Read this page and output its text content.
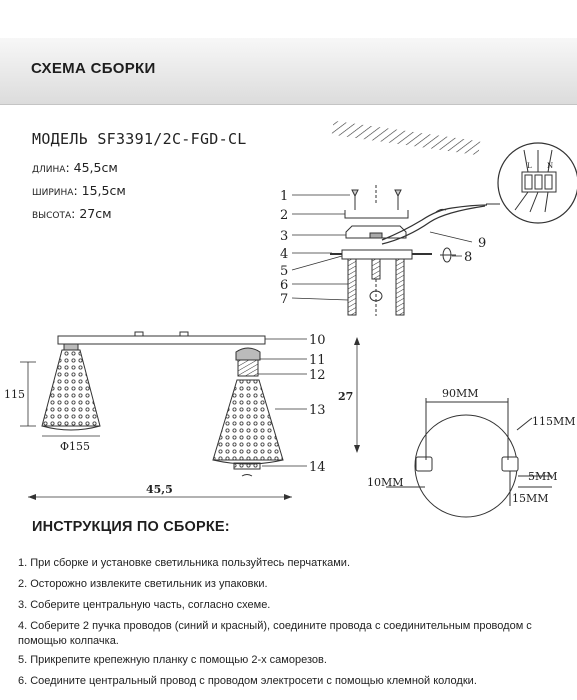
СХЕМА СБОРКИ
МОДЕЛЬ SF3391/2C-FGD-CL
длина: 45,5см
ширина: 15,5см
высота: 27см
L N
1
2
3
4
5
6
7
8
9
10
11
12
13
14
115
Φ155
27
45,5
90ММ
115ММ
10ММ	5ММ
15ММ
ИНСТРУКЦИЯ ПО СБОРКЕ:
1. При сборке и установке светильника пользуйтесь перчатками.
2. Осторожно извлеките светильник из упаковки.
3. Соберите центральную часть, согласно схеме.
4. Соберите 2 пучка проводов (синий и красный), соедините провода с соединительным проводом с помощью колпачка.
5. Прикрепите крепежную планку с помощью 2-х саморезов.
6. Соедините центральный провод с проводом электросети с помощью клемной колодки.
